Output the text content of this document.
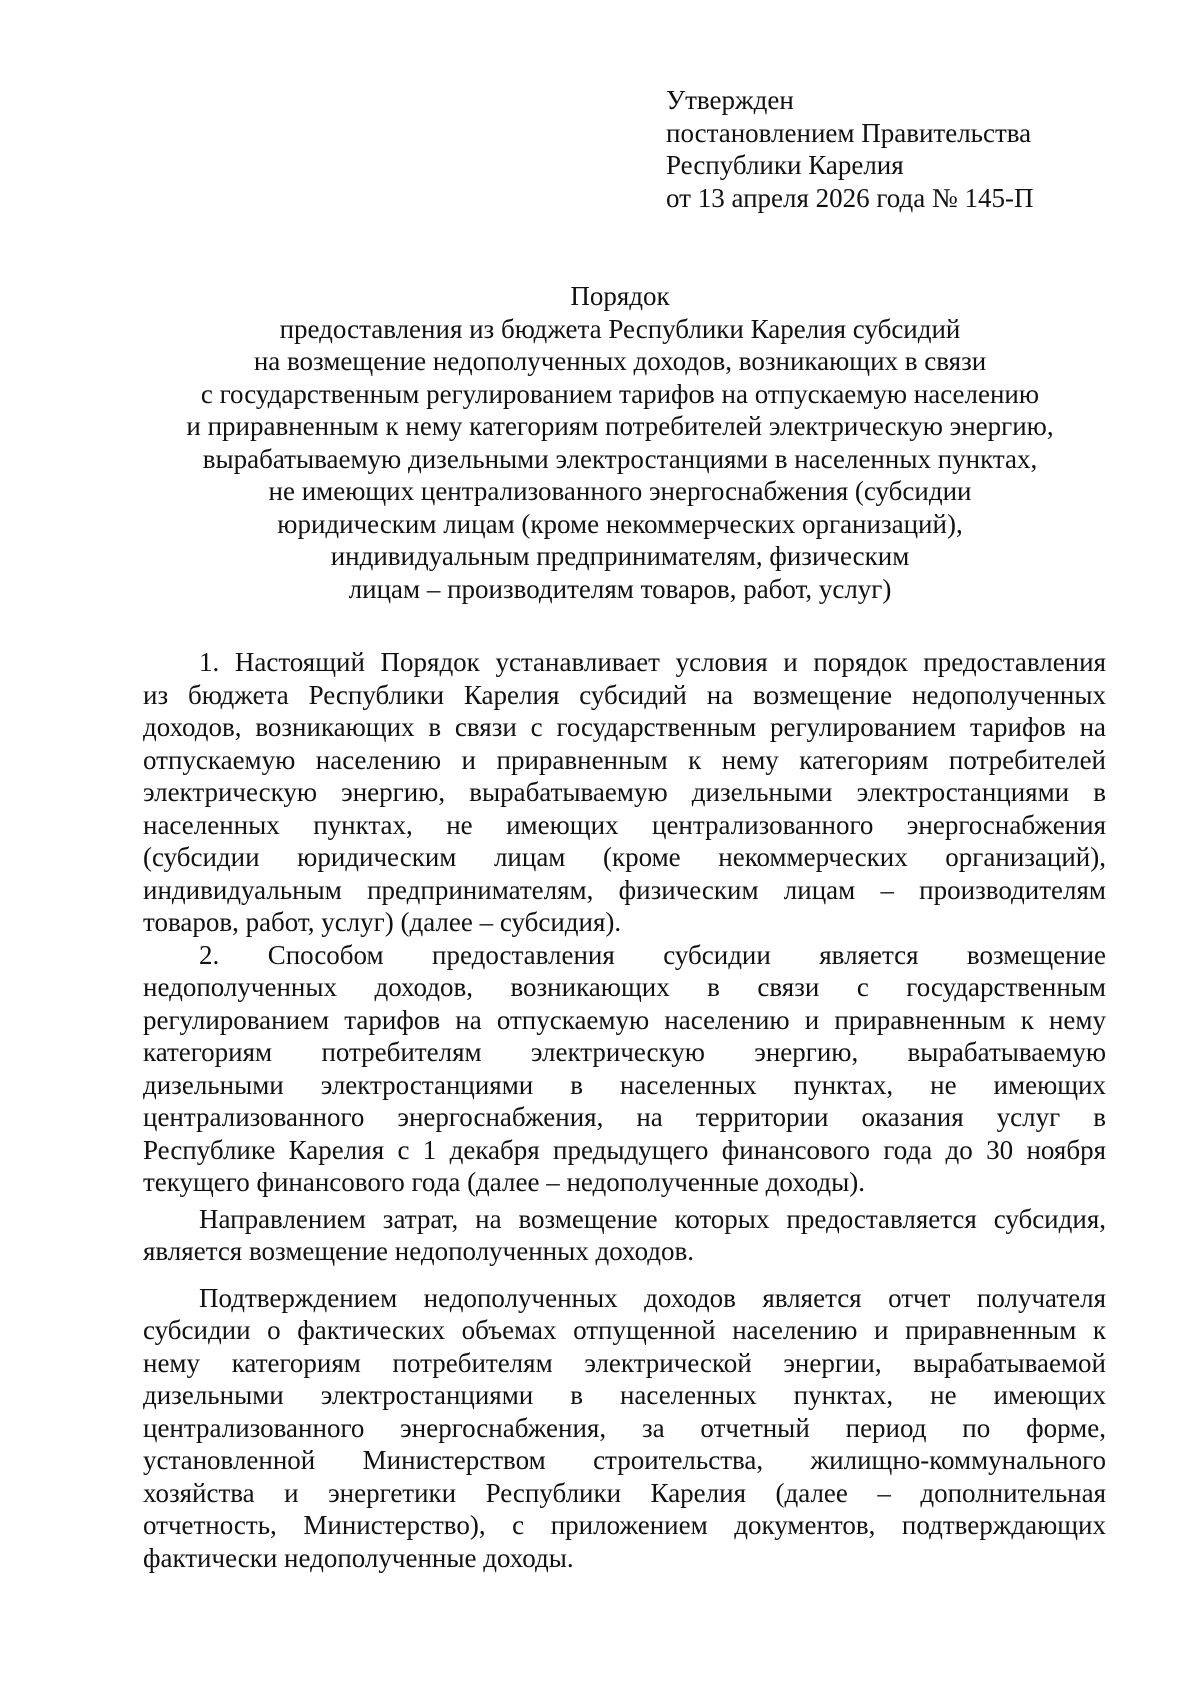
Утвержден
постановлением Правительства
Республики Карелия
от 13 апреля 2026 года № 145-П
Порядок
предоставления из бюджета Республики Карелия субсидий
на возмещение недополученных доходов, возникающих в связи
с государственным регулированием тарифов на отпускаемую населению
и приравненным к нему категориям потребителей электрическую энергию,
вырабатываемую дизельными электростанциями в населенных пунктах,
не имеющих централизованного энергоснабжения (субсидии
юридическим лицам (кроме некоммерческих организаций),
индивидуальным предпринимателям, физическим
лицам – производителям товаров, работ, услуг)
1. Настоящий Порядок устанавливает условия и порядок предоставления
из бюджета Республики Карелия субсидий на возмещение недополученных
доходов, возникающих в связи с государственным регулированием тарифов на
отпускаемую населению и приравненным к нему категориям потребителей
электрическую энергию, вырабатываемую дизельными электростанциями в
населенных пунктах, не имеющих централизованного энергоснабжения
(субсидии юридическим лицам (кроме некоммерческих организаций),
индивидуальным предпринимателям, физическим лицам – производителям
товаров, работ, услуг) (далее – субсидия).
2. Способом предоставления субсидии является возмещение
недополученных доходов, возникающих в связи с государственным
регулированием тарифов на отпускаемую населению и приравненным к нему
категориям потребителям электрическую энергию, вырабатываемую
дизельными электростанциями в населенных пунктах, не имеющих
централизованного энергоснабжения, на территории оказания услуг в
Республике Карелия с 1 декабря предыдущего финансового года до 30 ноября
текущего финансового года (далее – недополученные доходы).
Направлением затрат, на возмещение которых предоставляется субсидия,
является возмещение недополученных доходов.
Подтверждением недополученных доходов является отчет получателя
субсидии о фактических объемах отпущенной населению и приравненным к
нему категориям потребителям электрической энергии, вырабатываемой
дизельными электростанциями в населенных пунктах, не имеющих
централизованного энергоснабжения, за отчетный период по форме,
установленной Министерством строительства, жилищно-коммунального
хозяйства и энергетики Республики Карелия (далее – дополнительная
отчетность, Министерство), с приложением документов, подтверждающих
фактически недополученные доходы.
